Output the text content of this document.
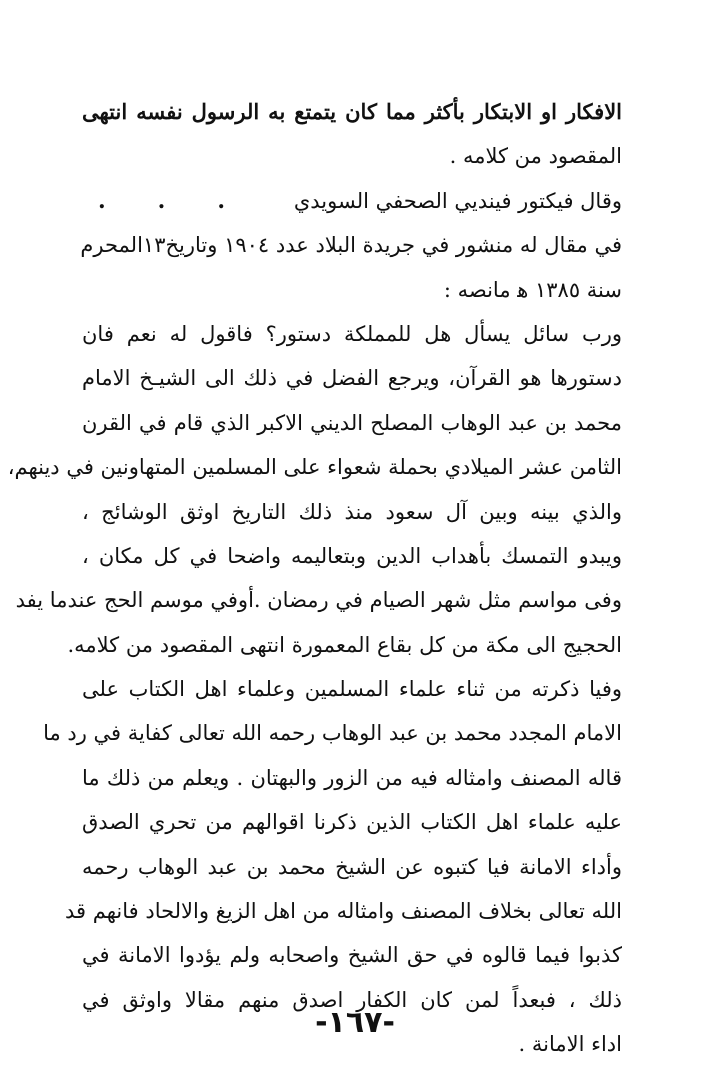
الافكار او الابتكار بأكثر مما كان يتمتع به الرسول نفسه انتهى
المقصود من كلامه .
وقال فيكتور فينديي الصحفي السويدي
. . .
في مقال له منشور في جريدة البلاد عدد ١٩٠٤ وتاريخ١٣المحرم
سنة ١٣٨٥ ﻫ مانصه :
ورب سائل يسأل هل للمملكة دستور؟ فاقول له نعم فان
دستورها هو القرآن، ويرجع الفضل في ذلك الى الشيـخ الامام
محمد بن عبد الوهاب المصلح الديني الاكبر الذي قام في القرن
الثامن عشر الميلادي بحملة شعواء على المسلمين المتهاونين في دينهم،
والذي بينه وبين آل سعود منذ ذلك التاريخ اوثق الوشائج ،
ويبدو التمسك بأهداب الدين وبتعاليمه واضحا في كل مكان ،
وفى مواسم مثل شهر الصيام في رمضان .أوفي موسم الحج عندما يفد
الحجيج الى مكة من كل بقاع المعمورة انتهى المقصود من كلامه.
وفيا ذكرته من ثناء علماء المسلمين وعلماء اهل الكتاب على
الامام المجدد محمد بن عبد الوهاب رحمه الله تعالى كفاية في رد ما
قاله المصنف وامثاله فيه من الزور والبهتان . ويعلم من ذلك ما
عليه علماء اهل الكتاب الذين ذكرنا اقوالهم من تحري الصدق
وأداء الامانة فيا كتبوه عن الشيخ محمد بن عبد الوهاب رحمه
الله تعالى بخلاف المصنف وامثاله من اهل الزيغ والالحاد فانهم قد
كذبوا فيما قالوه في حق الشيخ واصحابه ولم يؤدوا الامانة في
ذلك ، فبعداً لمن كان الكفار اصدق منهم مقالا واوثق في
اداء الامانة .
-١٦٧-
